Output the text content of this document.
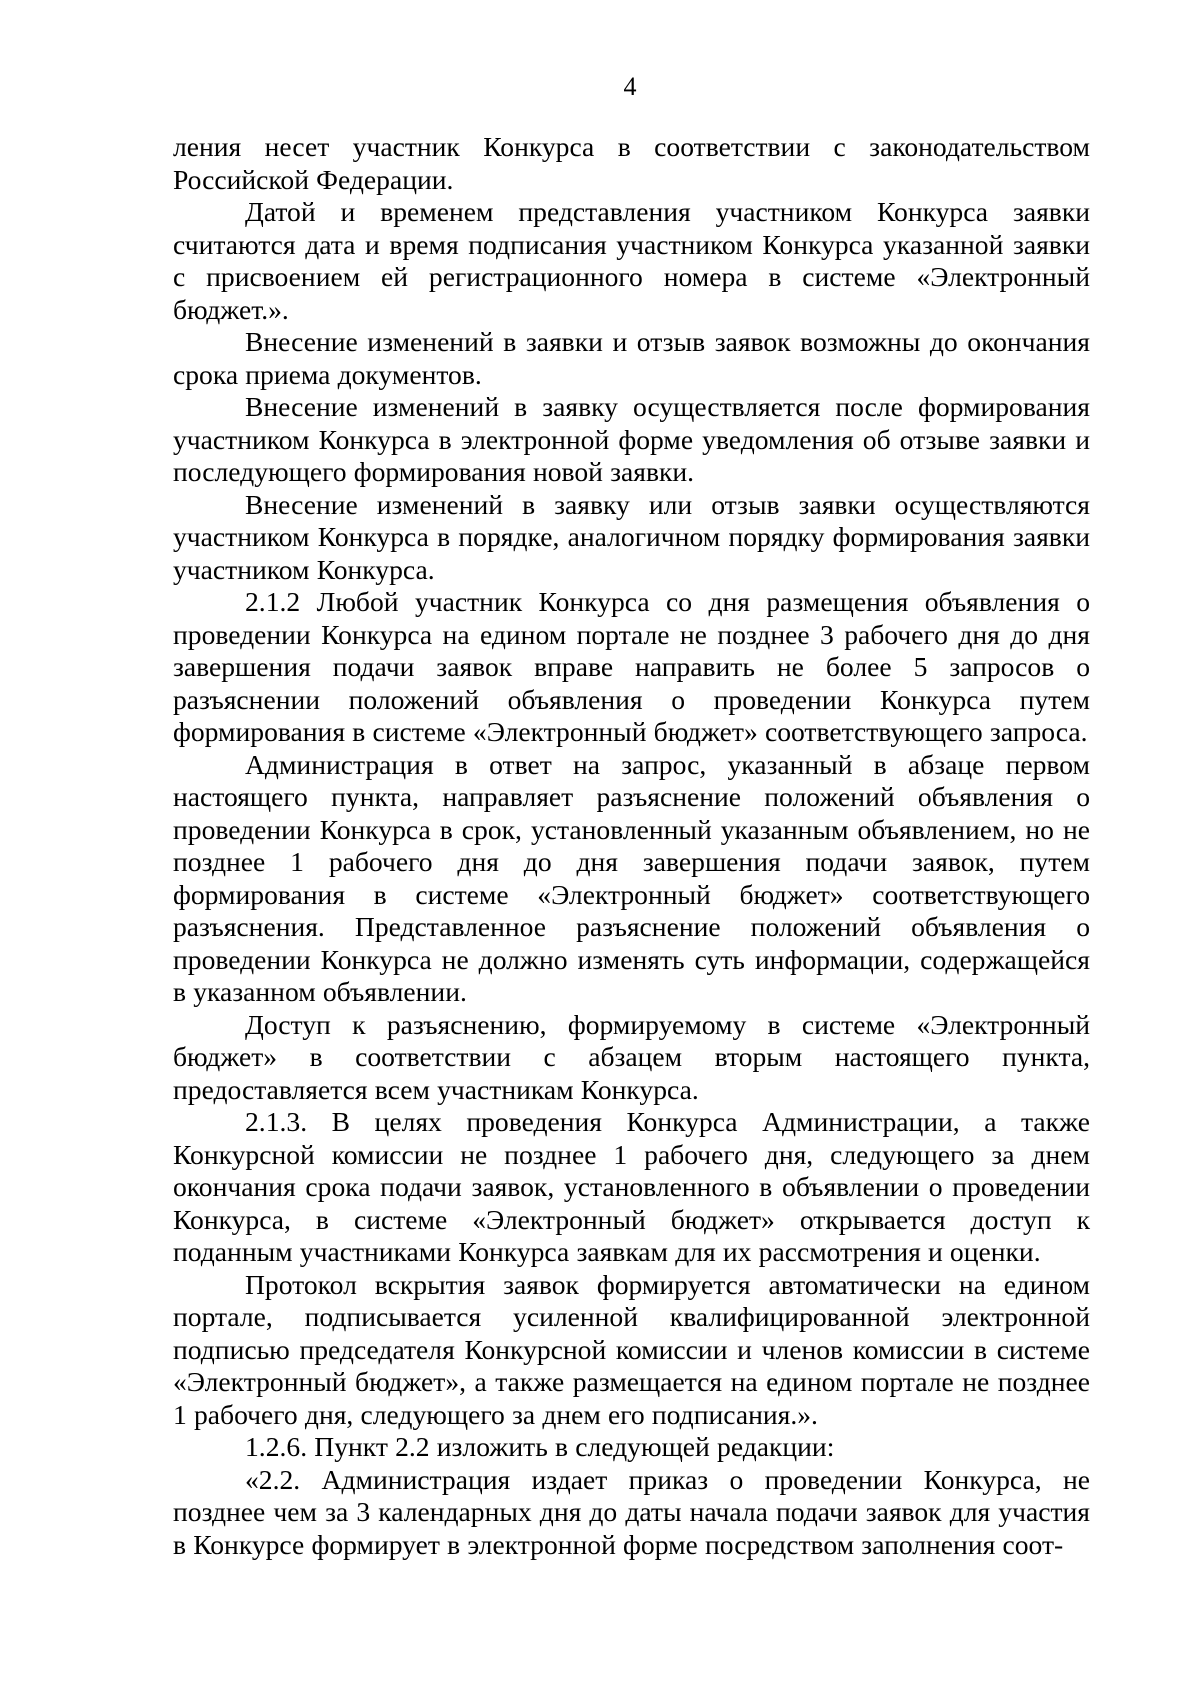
4

ления несет участник Конкурса в соответствии с законодательством Российской Федерации.

Датой и временем представления участником Конкурса заявки считаются дата и время подписания участником Конкурса указанной заявки с присвоением ей регистрационного номера в системе «Электронный бюджет.».

Внесение изменений в заявки и отзыв заявок возможны до окончания срока приема документов.

Внесение изменений в заявку осуществляется после формирования участником Конкурса в электронной форме уведомления об отзыве заявки и последующего формирования новой заявки.

Внесение изменений в заявку или отзыв заявки осуществляются участником Конкурса в порядке, аналогичном порядку формирования заявки участником Конкурса.

2.1.2 Любой участник Конкурса со дня размещения объявления о проведении Конкурса на едином портале не позднее 3 рабочего дня до дня завершения подачи заявок вправе направить не более 5 запросов о разъяснении положений объявления о проведении Конкурса путем формирования в системе «Электронный бюджет» соответствующего запроса.

Администрация в ответ на запрос, указанный в абзаце первом настоящего пункта, направляет разъяснение положений объявления о проведении Конкурса в срок, установленный указанным объявлением, но не позднее 1 рабочего дня до дня завершения подачи заявок, путем формирования в системе «Электронный бюджет» соответствующего разъяснения. Представленное разъяснение положений объявления о проведении Конкурса не должно изменять суть информации, содержащейся в указанном объявлении.

Доступ к разъяснению, формируемому в системе «Электронный бюджет» в соответствии с абзацем вторым настоящего пункта, предоставляется всем участникам Конкурса.

2.1.3. В целях проведения Конкурса Администрации, а также Конкурсной комиссии не позднее 1 рабочего дня, следующего за днем окончания срока подачи заявок, установленного в объявлении о проведении Конкурса, в системе «Электронный бюджет» открывается доступ к поданным участниками Конкурса заявкам для их рассмотрения и оценки.

Протокол вскрытия заявок формируется автоматически на едином портале, подписывается усиленной квалифицированной электронной подписью председателя Конкурсной комиссии и членов комиссии в системе «Электронный бюджет», а также размещается на едином портале не позднее 1 рабочего дня, следующего за днем его подписания.».

1.2.6. Пункт 2.2 изложить в следующей редакции:

«2.2. Администрация издает приказ о проведении Конкурса, не позднее чем за 3 календарных дня до даты начала подачи заявок для участия в Конкурсе формирует в электронной форме посредством заполнения соот-
